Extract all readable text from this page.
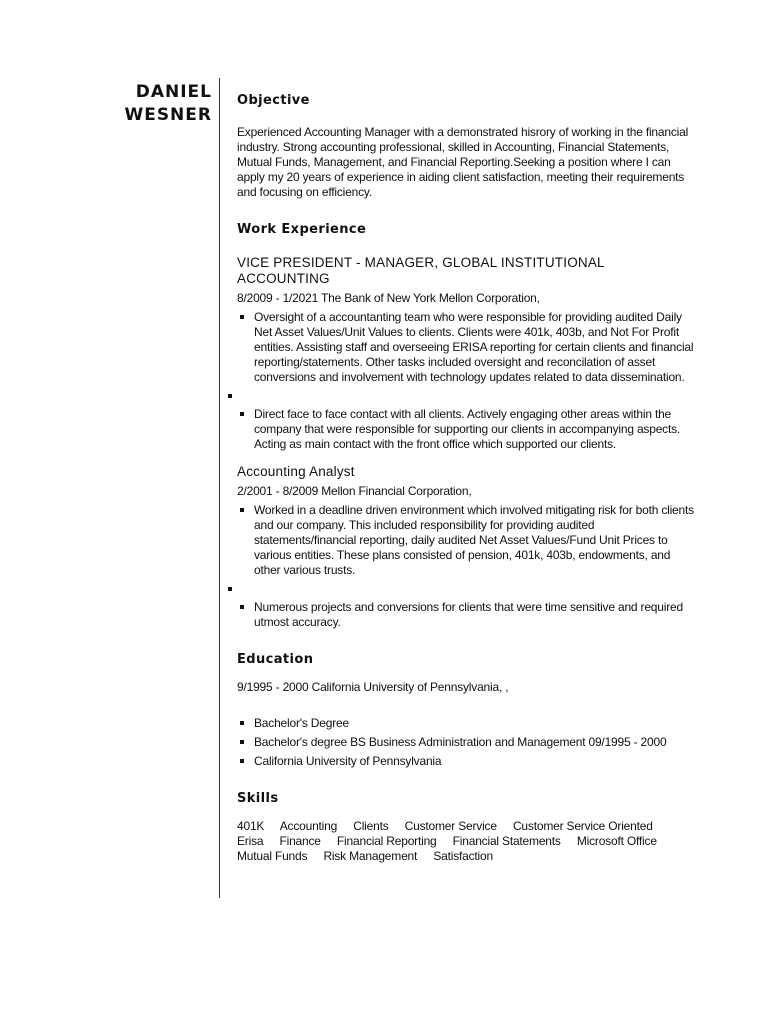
DANIEL
WESNER
Objective

Experienced Accounting Manager with a demonstrated hisrory of working in the financial industry. Strong accounting professional, skilled in Accounting, Financial Statements, Mutual Funds, Management, and Financial Reporting.Seeking a position where I can apply my 20 years of experience in aiding client satisfaction, meeting their requirements and focusing on efficiency.

Work Experience

VICE PRESIDENT - MANAGER, GLOBAL INSTITUTIONAL ACCOUNTING

8/2009 - 1/2021 The Bank of New York Mellon Corporation,

Oversight of a accountanting team who were responsible for providing audited Daily Net Asset Values/Unit Values to clients. Clients were 401k, 403b, and Not For Profit entities. Assisting staff and overseeing ERISA reporting for certain clients and financial reporting/statements. Other tasks included oversight and reconcilation of asset conversions and involvement with technology updates related to data dissemination.
Direct face to face contact with all clients. Actively engaging other areas within the company that were responsible for supporting our clients in accompanying aspects. Acting as main contact with the front office which supported our clients.

Accounting Analyst

2/2001 - 8/2009 Mellon Financial Corporation,

Worked in a deadline driven environment which involved mitigating risk for both clients and our company. This included responsibility for providing audited statements/financial reporting, daily audited Net Asset Values/Fund Unit Prices to various entities. These plans consisted of pension, 401k, 403b, endowments, and other various trusts.
Numerous projects and conversions for clients that were time sensitive and required utmost accuracy.
Education

9/1995 - 2000 California University of Pennsylvania, ,

Bachelor's Degree
Bachelor's degree BS Business Administration and Management 09/1995 - 2000
California University of Pennsylvania
Skills
401K Accounting Clients Customer Service Customer Service Oriented
Erisa Finance Financial Reporting Financial Statements Microsoft Office
Mutual Funds Risk Management Satisfaction
